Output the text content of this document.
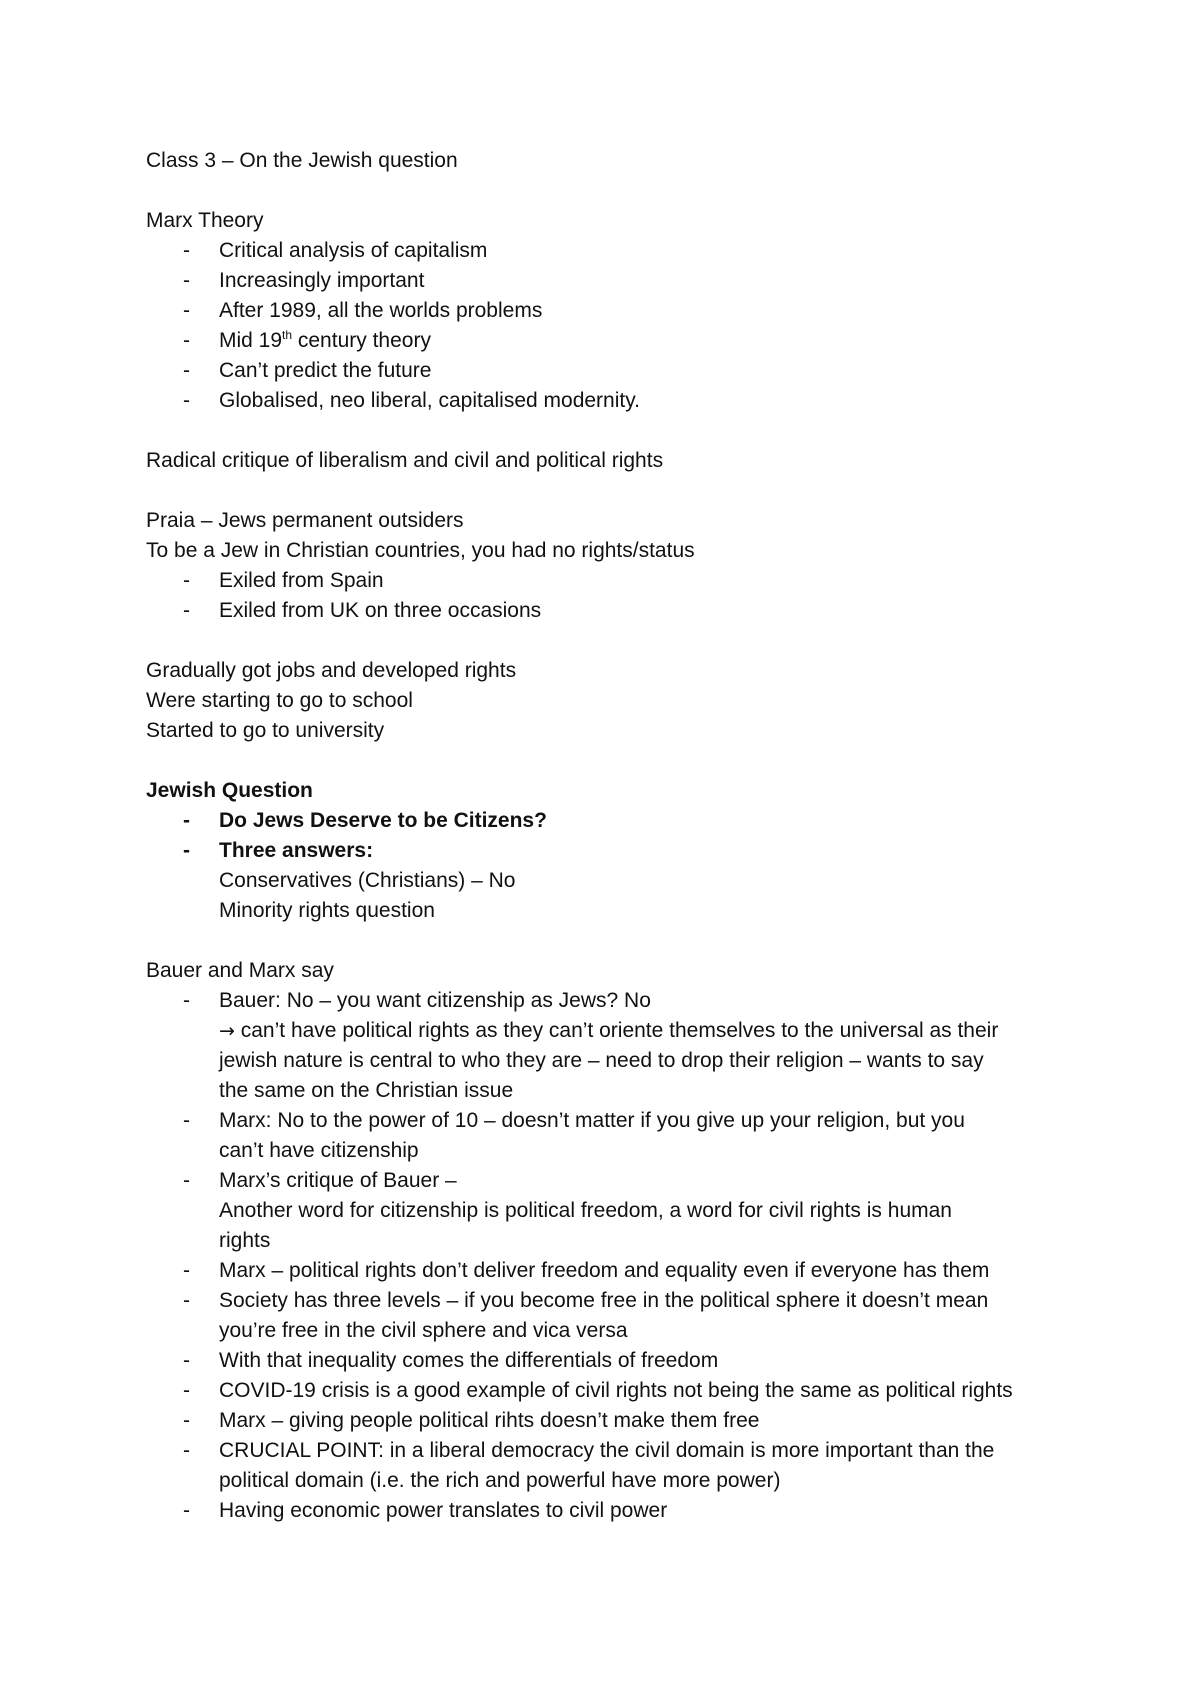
Class 3 – On the Jewish question

Marx Theory

-
Critical analysis of capitalism
-
Increasingly important
-
After 1989, all the worlds problems
-
Mid 19th century theory
-
Can’t predict the future
-
Globalised, neo liberal, capitalised modernity.

Radical critique of liberalism and civil and political rights

Praia – Jews permanent outsiders

To be a Jew in Christian countries, you had no rights/status

-
Exiled from Spain
-
Exiled from UK on three occasions

Gradually got jobs and developed rights

Were starting to go to school

Started to go to university

Jewish Question

-
Do Jews Deserve to be Citizens?
-
Three answers:

Conservatives (Christians) – No

Minority rights question

Bauer and Marx say

-
Bauer: No – you want citizenship as Jews? No

→ can’t have political rights as they can’t oriente themselves to the universal as their

jewish nature is central to who they are – need to drop their religion – wants to say

the same on the Christian issue

-
Marx: No to the power of 10 – doesn’t matter if you give up your religion, but you

can’t have citizenship

-
Marx’s critique of Bauer –

Another word for citizenship is political freedom, a word for civil rights is human

rights

-
Marx – political rights don’t deliver freedom and equality even if everyone has them
-
Society has three levels – if you become free in the political sphere it doesn’t mean

you’re free in the civil sphere and vica versa

-
With that inequality comes the differentials of freedom
-
COVID-19 crisis is a good example of civil rights not being the same as political rights
-
Marx – giving people political rihts doesn’t make them free
-
CRUCIAL POINT: in a liberal democracy the civil domain is more important than the

political domain (i.e. the rich and powerful have more power)

-
Having economic power translates to civil power
